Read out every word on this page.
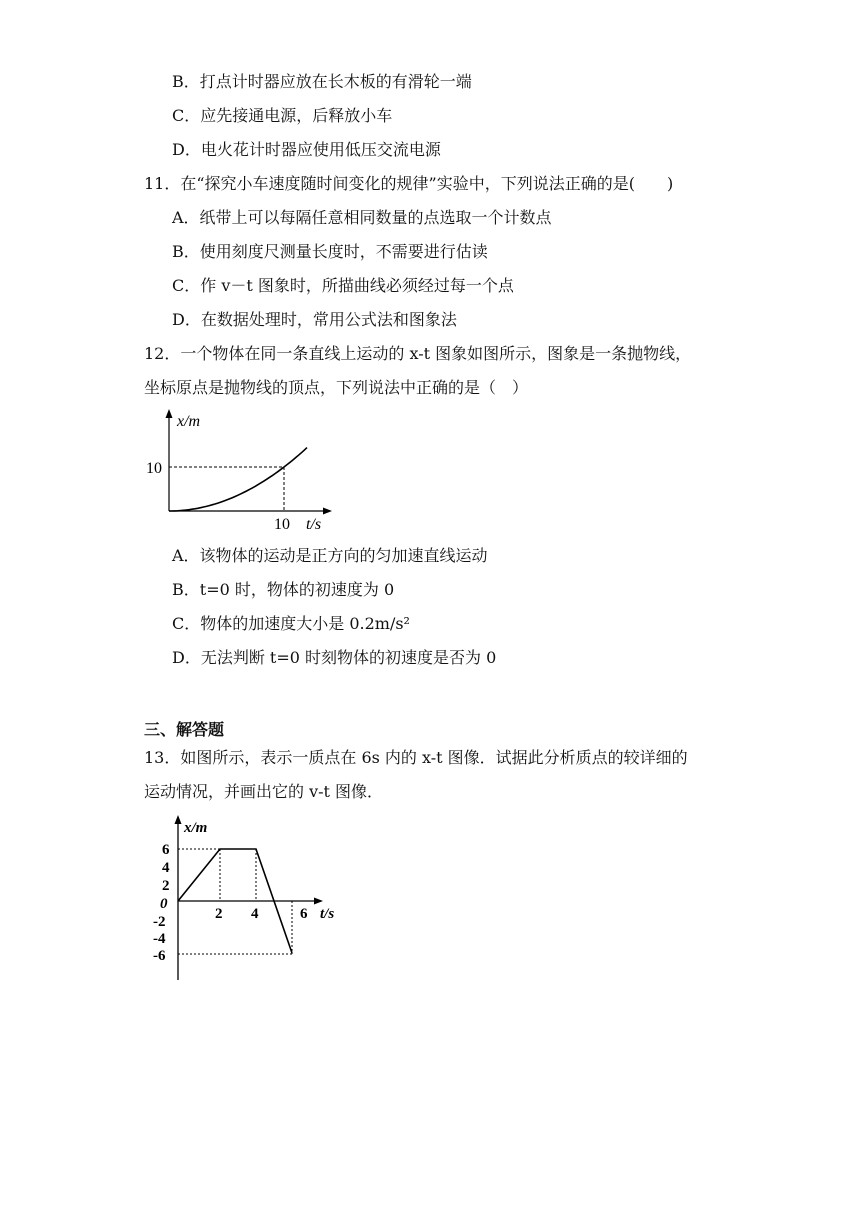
B．打点计时器应放在长木板的有滑轮一端
C．应先接通电源，后释放小车
D．电火花计时器应使用低压交流电源
11．在“探究小车速度随时间变化的规律”实验中，下列说法正确的是(　　)
A．纸带上可以每隔任意相同数量的点选取一个计数点
B．使用刻度尺测量长度时，不需要进行估读
C．作 v－t 图象时，所描曲线必须经过每一个点
D．在数据处理时，常用公式法和图象法
12．一个物体在同一条直线上运动的 x-t 图象如图所示，图象是一条抛物线，
坐标原点是抛物线的顶点，下列说法中正确的是（　）
x/m
10
10 t/s
A．该物体的运动是正方向的匀加速直线运动
B．t=0 时，物体的初速度为 0
C．物体的加速度大小是 0.2m/s²
D．无法判断 t=0 时刻物体的初速度是否为 0
三、解答题
13．如图所示，表示一质点在 6s 内的 x-t 图像．试据此分析质点的较详细的
运动情况，并画出它的 v-t 图像．
x/m
6
4
2
0
-2
-4
-6
2 4	6 t/s
